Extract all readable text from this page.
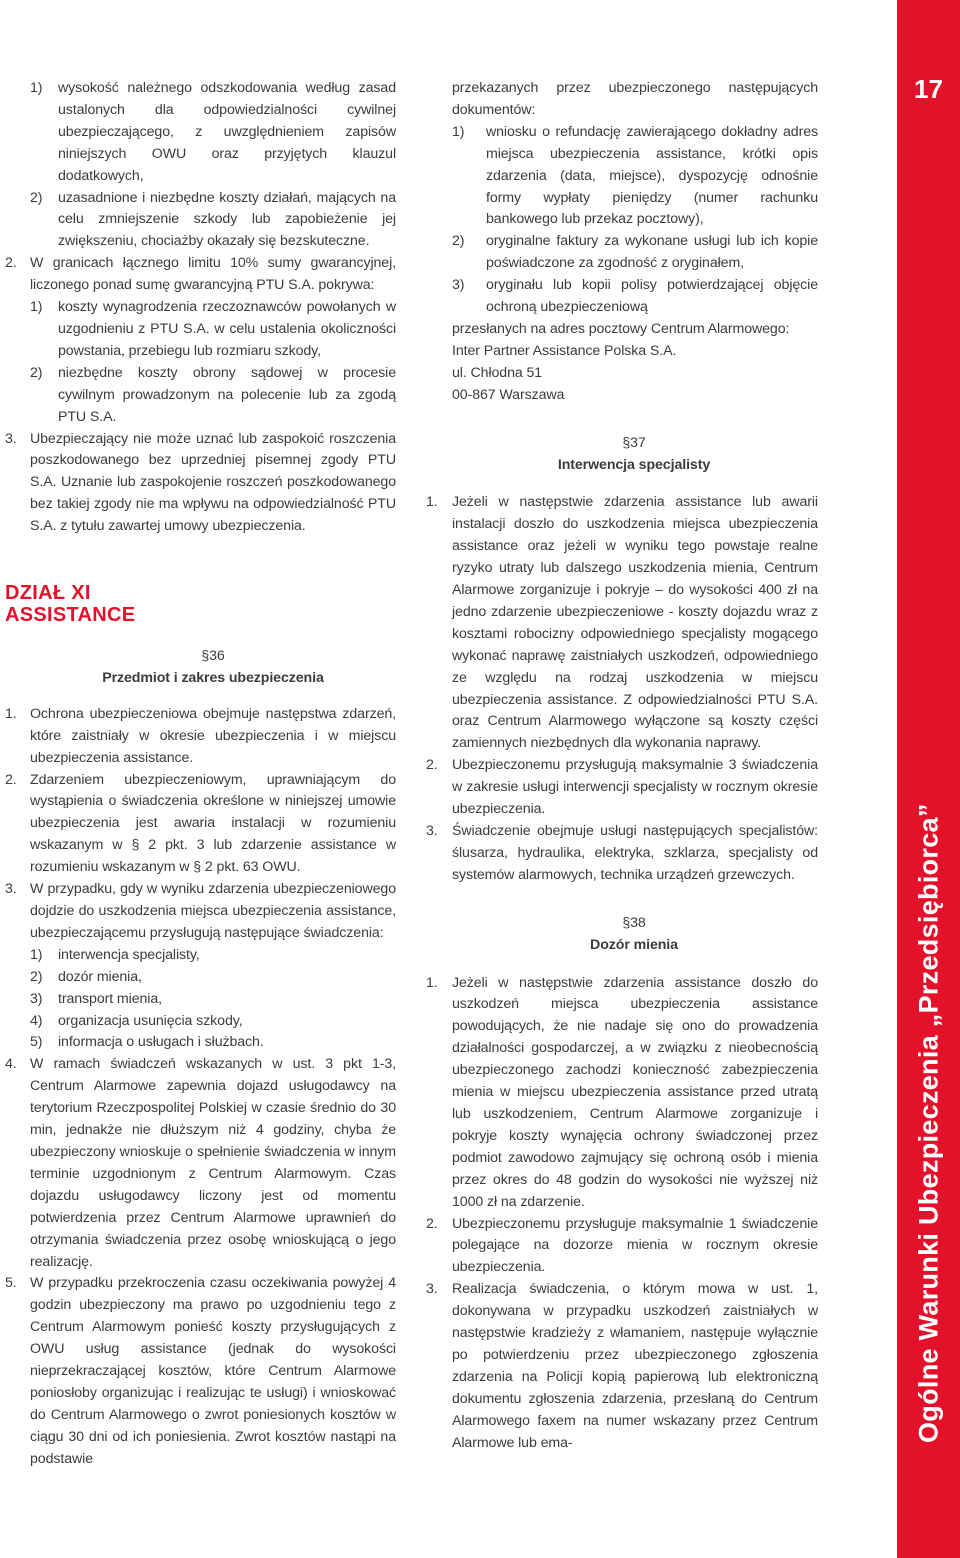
1) wysokość należnego odszkodowania według zasad ustalonych dla odpowiedzialności cywilnej ubezpieczającego, z uwzględnieniem zapisów niniejszych OWU oraz przyjętych klauzul dodatkowych,

2) uzasadnione i niezbędne koszty działań, mających na celu zmniejszenie szkody lub zapobieżenie jej zwiększeniu, chociażby okazały się bezskuteczne.

2. W granicach łącznego limitu 10% sumy gwarancyjnej, liczonego ponad sumę gwarancyjną PTU S.A. pokrywa:

1) koszty wynagrodzenia rzeczoznawców powołanych w uzgodnieniu z PTU S.A. w celu ustalenia okoliczności powstania, przebiegu lub rozmiaru szkody,

2) niezbędne koszty obrony sądowej w procesie cywilnym prowadzonym na polecenie lub za zgodą PTU S.A.

3. Ubezpieczający nie może uznać lub zaspokoić roszczenia poszkodowanego bez uprzedniej pisemnej zgody PTU S.A. Uznanie lub zaspokojenie roszczeń poszkodowanego bez takiej zgody nie ma wpływu na odpowiedzialność PTU S.A. z tytułu zawartej umowy ubezpieczenia.

DZIAŁ XI
ASSISTANCE

§36

Przedmiot i zakres ubezpieczenia

1. Ochrona ubezpieczeniowa obejmuje następstwa zdarzeń, które zaistniały w okresie ubezpieczenia i w miejscu ubezpieczenia assistance.

2. Zdarzeniem ubezpieczeniowym, uprawniającym do wystąpienia o świadczenia określone w niniejszej umowie ubezpieczenia jest awaria instalacji w rozumieniu wskazanym w § 2 pkt. 3 lub zdarzenie assistance w rozumieniu wskazanym w § 2 pkt. 63 OWU.

3. W przypadku, gdy w wyniku zdarzenia ubezpieczeniowego dojdzie do uszkodzenia miejsca ubezpieczenia assistance, ubezpieczającemu przysługują następujące świadczenia:

1) interwencja specjalisty,

2) dozór mienia,

3) transport mienia,

4) organizacja usunięcia szkody,

5) informacja o usługach i służbach.

4. W ramach świadczeń wskazanych w ust. 3 pkt 1-3, Centrum Alarmowe zapewnia dojazd usługodawcy na terytorium Rzeczpospolitej Polskiej w czasie średnio do 30 min, jednakże nie dłuższym niż 4 godziny, chyba że ubezpieczony wnioskuje o spełnienie świadczenia w innym terminie uzgodnionym z Centrum Alarmowym. Czas dojazdu usługodawcy liczony jest od momentu potwierdzenia przez Centrum Alarmowe uprawnień do otrzymania świadczenia przez osobę wnioskującą o jego realizację.

5. W przypadku przekroczenia czasu oczekiwania powyżej 4 godzin ubezpieczony ma prawo po uzgodnieniu tego z Centrum Alarmowym ponieść koszty przysługujących z OWU usług assistance (jednak do wysokości nieprzekraczającej kosztów, które Centrum Alarmowe poniosłoby organizując i realizując te usługi) i wnioskować do Centrum Alarmowego o zwrot poniesionych kosztów w ciągu 30 dni od ich poniesienia. Zwrot kosztów nastąpi na podstawie

przekazanych przez ubezpieczonego następujących dokumentów:

1) wniosku o refundację zawierającego dokładny adres miejsca ubezpieczenia assistance, krótki opis zdarzenia (data, miejsce), dyspozycję odnośnie formy wypłaty pieniędzy (numer rachunku bankowego lub przekaz pocztowy),

2) oryginalne faktury za wykonane usługi lub ich kopie poświadczone za zgodność z oryginałem,

3) oryginału lub kopii polisy potwierdzającej objęcie ochroną ubezpieczeniową

przesłanych na adres pocztowy Centrum Alarmowego:

Inter Partner Assistance Polska S.A.

ul. Chłodna 51

00-867 Warszawa

§37

Interwencja specjalisty

1. Jeżeli w następstwie zdarzenia assistance lub awarii instalacji doszło do uszkodzenia miejsca ubezpieczenia assistance oraz jeżeli w wyniku tego powstaje realne ryzyko utraty lub dalszego uszkodzenia mienia, Centrum Alarmowe zorganizuje i pokryje – do wysokości 400 zł na jedno zdarzenie ubezpieczeniowe - koszty dojazdu wraz z kosztami robocizny odpowiedniego specjalisty mogącego wykonać naprawę zaistniałych uszkodzeń, odpowiedniego ze względu na rodzaj uszkodzenia w miejscu ubezpieczenia assistance. Z odpowiedzialności PTU S.A. oraz Centrum Alarmowego wyłączone są koszty części zamiennych niezbędnych dla wykonania naprawy.

2. Ubezpieczonemu przysługują maksymalnie 3 świadczenia w zakresie usługi interwencji specjalisty w rocznym okresie ubezpieczenia.

3. Świadczenie obejmuje usługi następujących specjalistów: ślusarza, hydraulika, elektryka, szklarza, specjalisty od systemów alarmowych, technika urządzeń grzewczych.

§38

Dozór mienia

1. Jeżeli w następstwie zdarzenia assistance doszło do uszkodzeń miejsca ubezpieczenia assistance powodujących, że nie nadaje się ono do prowadzenia działalności gospodarczej, a w związku z nieobecnością ubezpieczonego zachodzi konieczność zabezpieczenia mienia w miejscu ubezpieczenia assistance przed utratą lub uszkodzeniem, Centrum Alarmowe zorganizuje i pokryje koszty wynajęcia ochrony świadczonej przez podmiot zawodowo zajmujący się ochroną osób i mienia przez okres do 48 godzin do wysokości nie wyższej niż 1000 zł na zdarzenie.

2. Ubezpieczonemu przysługuje maksymalnie 1 świadczenie polegające na dozorze mienia w rocznym okresie ubezpieczenia.

3. Realizacja świadczenia, o którym mowa w ust. 1, dokonywana w przypadku uszkodzeń zaistniałych w następstwie kradzieży z włamaniem, następuje wyłącznie po potwierdzeniu przez ubezpieczonego zgłoszenia zdarzenia na Policji kopią papierową lub elektroniczną dokumentu zgłoszenia zdarzenia, przesłaną do Centrum Alarmowego faxem na numer wskazany przez Centrum Alarmowe lub ema-

17
Ogólne Warunki Ubezpieczenia „Przedsiębiorca”
